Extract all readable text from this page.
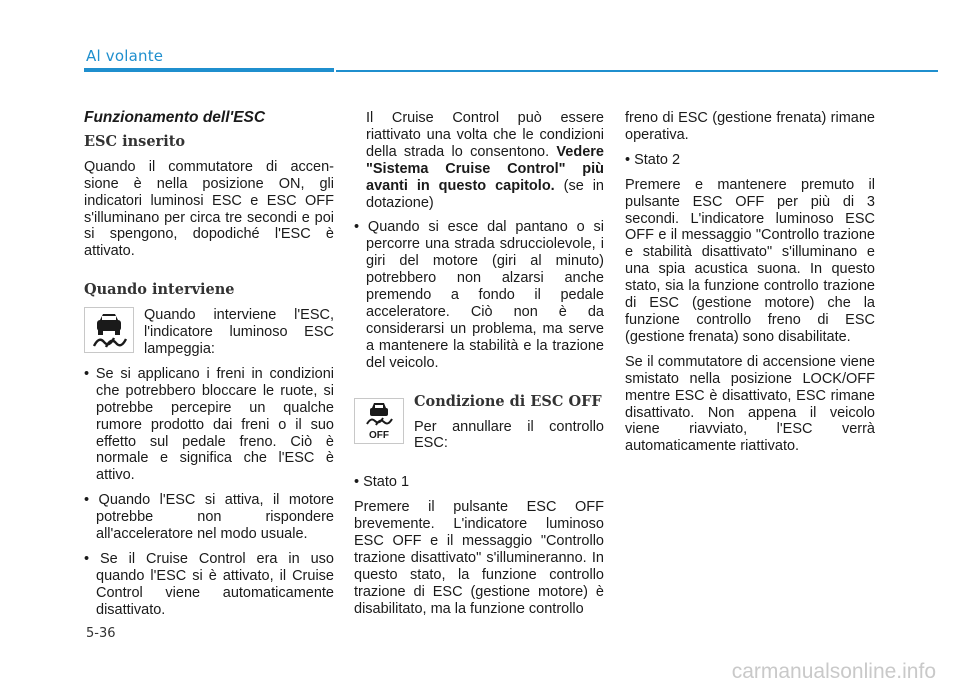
Al volante

Funzionamento dell'ESC

ESC inserito

Quando il commutatore di accen- sione è nella posizione ON, gli indicatori luminosi ESC e ESC OFF s'illuminano per circa tre secondi e poi si spengono, dopodiché l'ESC è attivato.

Quando interviene

Quando interviene l'ESC, l'indicatore luminoso ESC lampeggia:

• Se si applicano i freni in condizioni che potrebbero bloccare le ruote, si potrebbe percepire un qualche rumore prodotto dai freni o il suo effetto sul pedale freno. Ciò è normale e significa che l'ESC è attivo.

• Quando l'ESC si attiva, il motore potrebbe non rispondere all'acceleratore nel modo usuale.

• Se il Cruise Control era in uso quando l'ESC si è attivato, il Cruise Control viene automaticamente disattivato.

Il Cruise Control può essere riattivato una volta che le condizioni della strada lo consentono. Vedere "Sistema Cruise Control" più avanti in questo capitolo. (se in dotazione)

• Quando si esce dal pantano o si percorre una strada sdrucciolevole, i giri del motore (giri al minuto) potrebbero non alzarsi anche premendo a fondo il pedale acceleratore. Ciò non è da considerarsi un problema, ma serve a mantenere la stabilità e la trazione del veicolo.

OFF

Condizione di ESC OFF

Per annullare il controllo ESC:

• Stato 1

Premere il pulsante ESC OFF brevemente. L'indicatore luminoso ESC OFF e il messaggio "Controllo trazione disattivato" s'illumineranno. In questo stato, la funzione controllo trazione di ESC (gestione motore) è disabilitato, ma la funzione controllo

freno di ESC (gestione frenata) rimane operativa.

• Stato 2

Premere e mantenere premuto il pulsante ESC OFF per più di 3 secondi. L'indicatore luminoso ESC OFF e il messaggio "Controllo trazione e stabilità disattivato" s'illuminano e una spia acustica suona. In questo stato, sia la funzione controllo trazione di ESC (gestione motore) che la funzione controllo freno di ESC (gestione frenata) sono disabilitate.

Se il commutatore di accensione viene smistato nella posizione LOCK/OFF mentre ESC è disattivato, ESC rimane disattivato. Non appena il veicolo viene riavviato, l'ESC verrà automaticamente riattivato.

5-36
carmanualsonline.info
